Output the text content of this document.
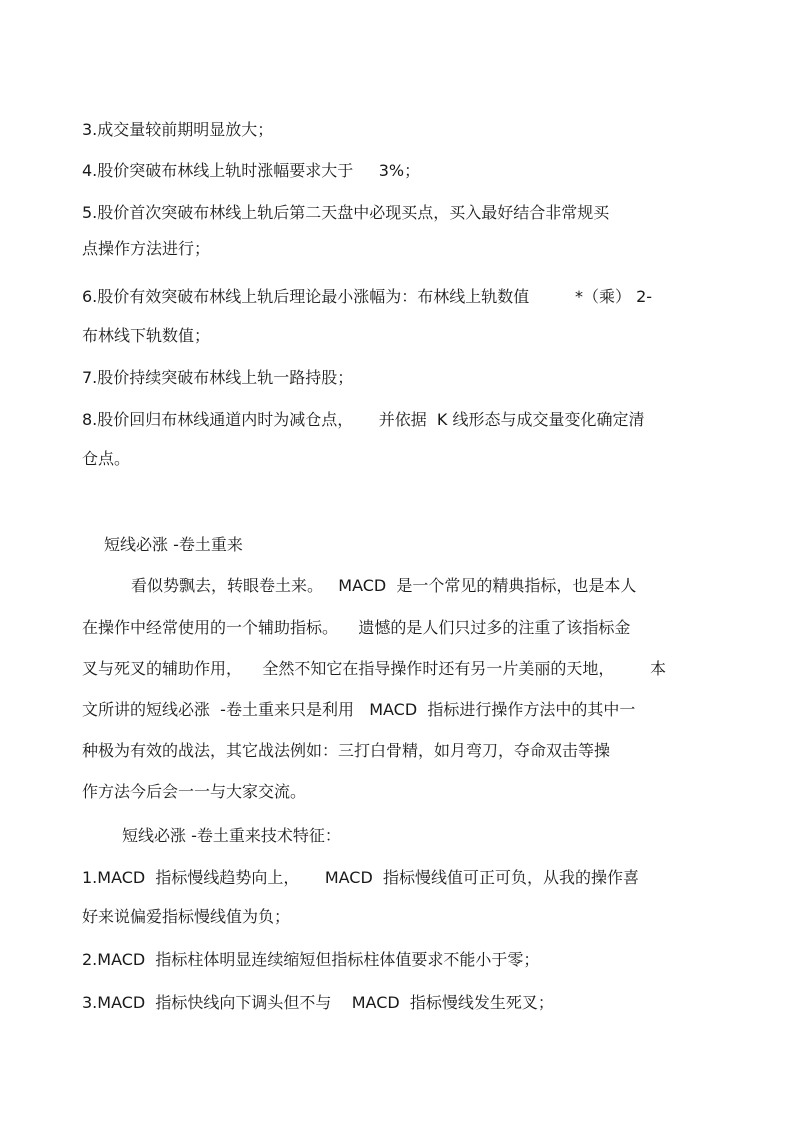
3.成交量较前期明显放大；
4.股价突破布林线上轨时涨幅要求大于     3%；
5.股价首次突破布林线上轨后第二天盘中必现买点，买入最好结合非常规买
点操作方法进行；
6.股价有效突破布林线上轨后理论最小涨幅为：布林线上轨数值         *（乘） 2-
布林线下轨数值；
7.股价持续突破布林线上轨一路持股；
8.股价回归布林线通道内时为减仓点，     并依据  K 线形态与成交量变化确定清
仓点。
短线必涨 -卷土重来
看似势飘去，转眼卷土来。   MACD  是一个常见的精典指标，也是本人
在操作中经常使用的一个辅助指标。    遗憾的是人们只过多的注重了该指标金
叉与死叉的辅助作用，    全然不知它在指导操作时还有另一片美丽的天地，       本
文所讲的短线必涨  -卷土重来只是利用   MACD  指标进行操作方法中的其中一
种极为有效的战法，其它战法例如：三打白骨精，如月弯刀，夺命双击等操
作方法今后会一一与大家交流。
短线必涨 -卷土重来技术特征：
1.MACD  指标慢线趋势向上，     MACD  指标慢线值可正可负，从我的操作喜
好来说偏爱指标慢线值为负；
2.MACD  指标柱体明显连续缩短但指标柱体值要求不能小于零；
3.MACD  指标快线向下调头但不与    MACD  指标慢线发生死叉；
